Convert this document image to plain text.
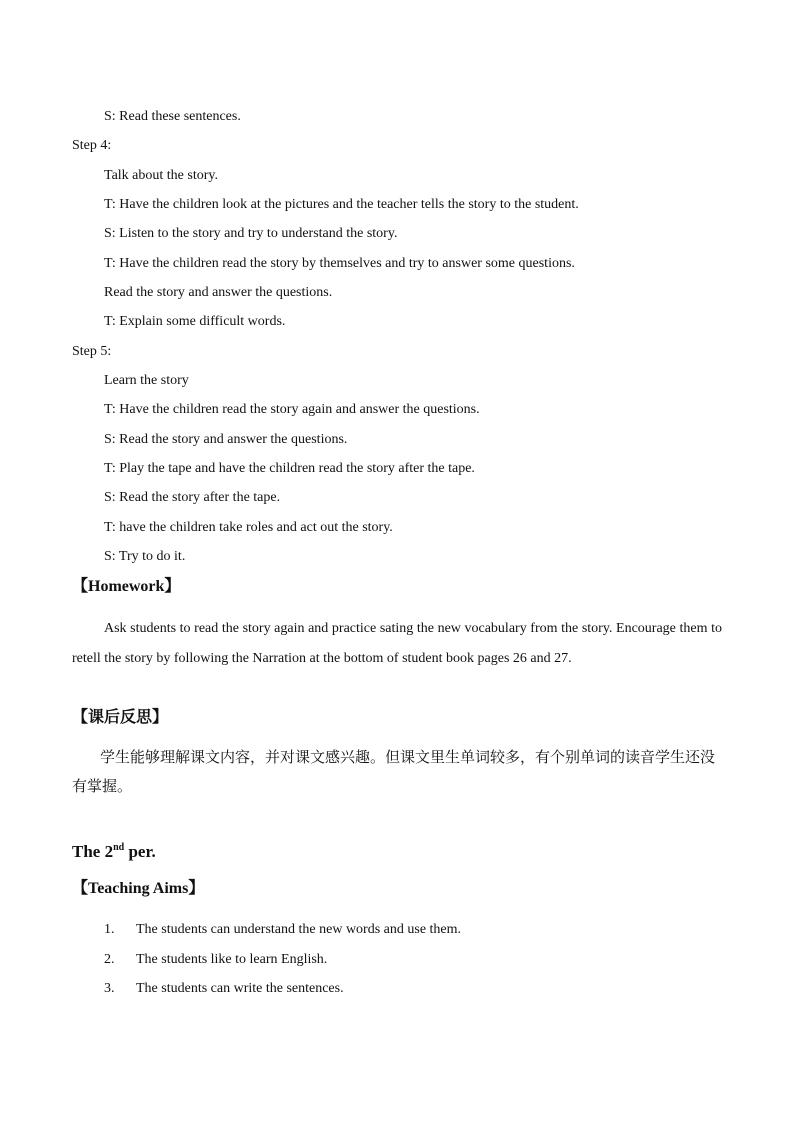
S: Read these sentences.
Step 4:
Talk about the story.
T: Have the children look at the pictures and the teacher tells the story to the student.
S: Listen to the story and try to understand the story.
T: Have the children read the story by themselves and try to answer some questions.
Read the story and answer the questions.
T: Explain some difficult words.
Step 5:
Learn the story
T: Have the children read the story again and answer the questions.
S: Read the story and answer the questions.
T: Play the tape and have the children read the story after the tape.
S: Read the story after the tape.
T: have the children take roles and act out the story.
S: Try to do it.
【Homework】
Ask students to read the story again and practice sating the new vocabulary from the story. Encourage them to retell the story by following the Narration at the bottom of student book pages 26 and 27.
【课后反思】
学生能够理解课文内容，并对课文感兴趣。但课文里生单词较多，有个别单词的读音学生还没有掌握。
The 2nd per.
【Teaching Aims】
1. The students can understand the new words and use them.
2. The students like to learn English.
3. The students can write the sentences.
